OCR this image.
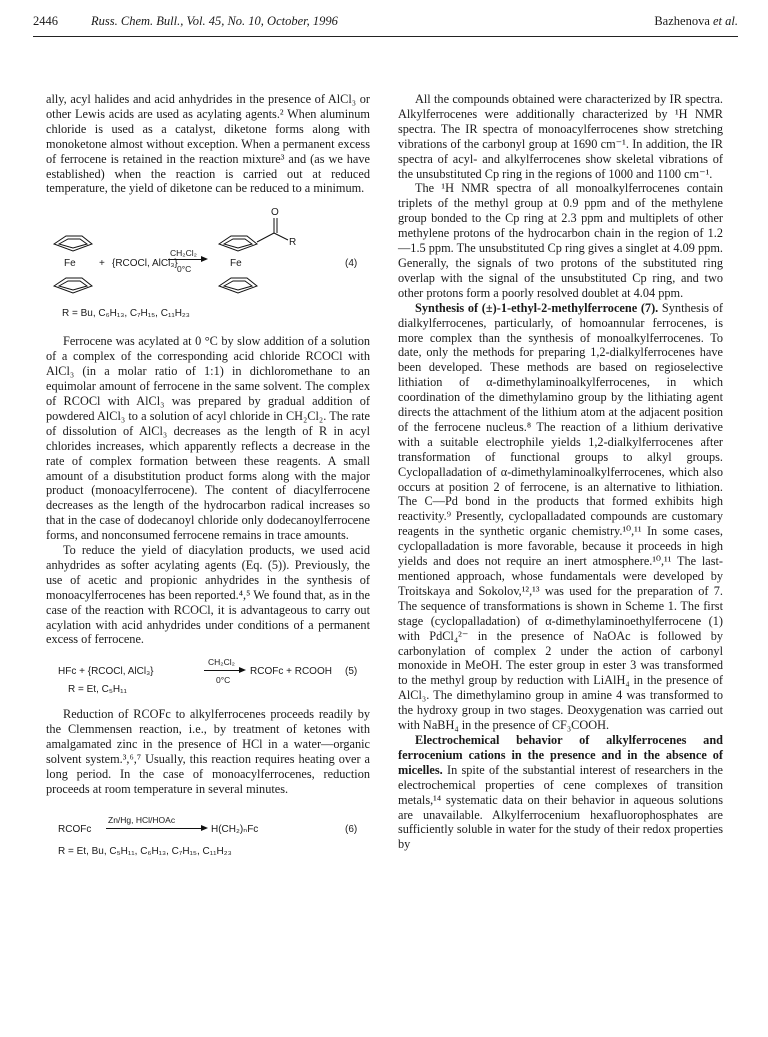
2446	Russ. Chem. Bull., Vol. 45, No. 10, October, 1996	Bazhenova et al.

ally, acyl halides and acid anhydrides in the presence of AlCl₃ or other Lewis acids are used as acylating agents.² When aluminum chloride is used as a catalyst, diketone forms along with monoketone almost without exception. When a permanent excess of ferrocene is retained in the reaction mixture³ and (as we have established) when the reaction is carried out at reduced temperature, the yield of diketone can be reduced to a minimum.

Fe + {RCOCl, AlCl₃}
CH₂Cl₂
0°C	Fe
O
R
(4)
R = Bu, C₆H₁₃, C₇H₁₅, C₁₁H₂₃

Ferrocene was acylated at 0 °C by slow addition of a solution of a complex of the corresponding acid chloride RCOCl with AlCl₃ (in a molar ratio of 1:1) in dichloromethane to an equimolar amount of ferrocene in the same solvent. The complex of RCOCl with AlCl₃ was prepared by gradual addition of powdered AlCl₃ to a solution of acyl chloride in CH₂Cl₂. The rate of dissolution of AlCl₃ decreases as the length of R in acyl chlorides increases, which apparently reflects a decrease in the rate of complex formation between these reagents. A small amount of a disubstitution product forms along with the major product (monoacylferrocene). The content of diacylferrocene decreases as the length of the hydrocarbon radical increases so that in the case of dodecanoyl chloride only dodecanoylferrocene forms, and nonconsumed ferrocene remains in trace amounts.

To reduce the yield of diacylation products, we used acid anhydrides as softer acylating agents (Eq. (5)). Previously, the use of acetic and propionic anhydrides in the synthesis of monoacylferrocenes has been reported.⁴,⁵ We found that, as in the case of the reaction with RCOCl, it is advantageous to carry out acylation with acid anhydrides under conditions of a permanent excess of ferrocene.

HFc + {RCOCl, AlCl₃}
CH₂Cl₂
0°C
RCOFc + RCOOH (5)
R = Et, C₅H₁₁

Reduction of RCOFc to alkylferrocenes proceeds readily by the Clemmensen reaction, i.e., by treatment of ketones with amalgamated zinc in the presence of HCl in a water—organic solvent system.³,⁶,⁷ Usually, this reaction requires heating over a long period. In the case of monoacylferrocenes, reduction proceeds at room temperature in several minutes.

RCOFc
Zn/Hg, HCl/HOAc
H(CH₂)ₙFc	(6)
R = Et, Bu, C₅H₁₁, C₆H₁₃, C₇H₁₅, C₁₁H₂₃

All the compounds obtained were characterized by IR spectra. Alkylferrocenes were additionally characterized by ¹H NMR spectra. The IR spectra of monoacylferrocenes show stretching vibrations of the carbonyl group at 1690 cm⁻¹. In addition, the IR spectra of acyl- and alkylferrocenes show skeletal vibrations of the unsubstituted Cp ring in the regions of 1000 and 1100 cm⁻¹.

The ¹H NMR spectra of all monoalkylferrocenes contain triplets of the methyl group at 0.9 ppm and of the methylene group bonded to the Cp ring at 2.3 ppm and multiplets of other methylene protons of the hydrocarbon chain in the region of 1.2—1.5 ppm. The unsubstituted Cp ring gives a singlet at 4.09 ppm. Generally, the signals of two protons of the substituted ring overlap with the signal of the unsubstituted Cp ring, and two other protons form a poorly resolved doublet at 4.04 ppm.

Synthesis of (±)-1-ethyl-2-methylferrocene (7). Synthesis of dialkylferrocenes, particularly, of homoannular ferrocenes, is more complex than the synthesis of monoalkylferrocenes. To date, only the methods for preparing 1,2-dialkylferrocenes have been developed. These methods are based on regioselective lithiation of α-dimethylaminoalkylferrocenes, in which coordination of the dimethylamino group by the lithiating agent directs the attachment of the lithium atom at the adjacent position of the ferrocene nucleus.⁸ The reaction of a lithium derivative with a suitable electrophile yields 1,2-dialkylferrocenes after transformation of functional groups to alkyl groups. Cyclopalladation of α-dimethylaminoalkylferrocenes, which also occurs at position 2 of ferrocene, is an alternative to lithiation. The C—Pd bond in the products that formed exhibits high reactivity.⁹ Presently, cyclopalladated compounds are customary reagents in the synthetic organic chemistry.¹⁰,¹¹ In some cases, cyclopalladation is more favorable, because it proceeds in high yields and does not require an inert atmosphere.¹⁰,¹¹ The last-mentioned approach, whose fundamentals were developed by Troitskaya and Sokolov,¹²,¹³ was used for the preparation of 7. The sequence of transformations is shown in Scheme 1. The first stage (cyclopalladation) of α-dimethylaminoethylferrocene (1) with PdCl₄²⁻ in the presence of NaOAc is followed by carbonylation of complex 2 under the action of carbonyl monoxide in MeOH. The ester group in ester 3 was transformed to the methyl group by reduction with LiAlH₄ in the presence of AlCl₃. The dimethylamino group in amine 4 was transformed to the hydroxy group in two stages. Deoxygenation was carried out with NaBH₄ in the presence of CF₃COOH.

Electrochemical behavior of alkylferrocenes and ferrocenium cations in the presence and in the absence of micelles. In spite of the substantial interest of researchers in the electrochemical properties of cene complexes of transition metals,¹⁴ systematic data on their behavior in aqueous solutions are unavailable. Alkylferrocenium hexafluorophosphates are sufficiently soluble in water for the study of their redox properties by
